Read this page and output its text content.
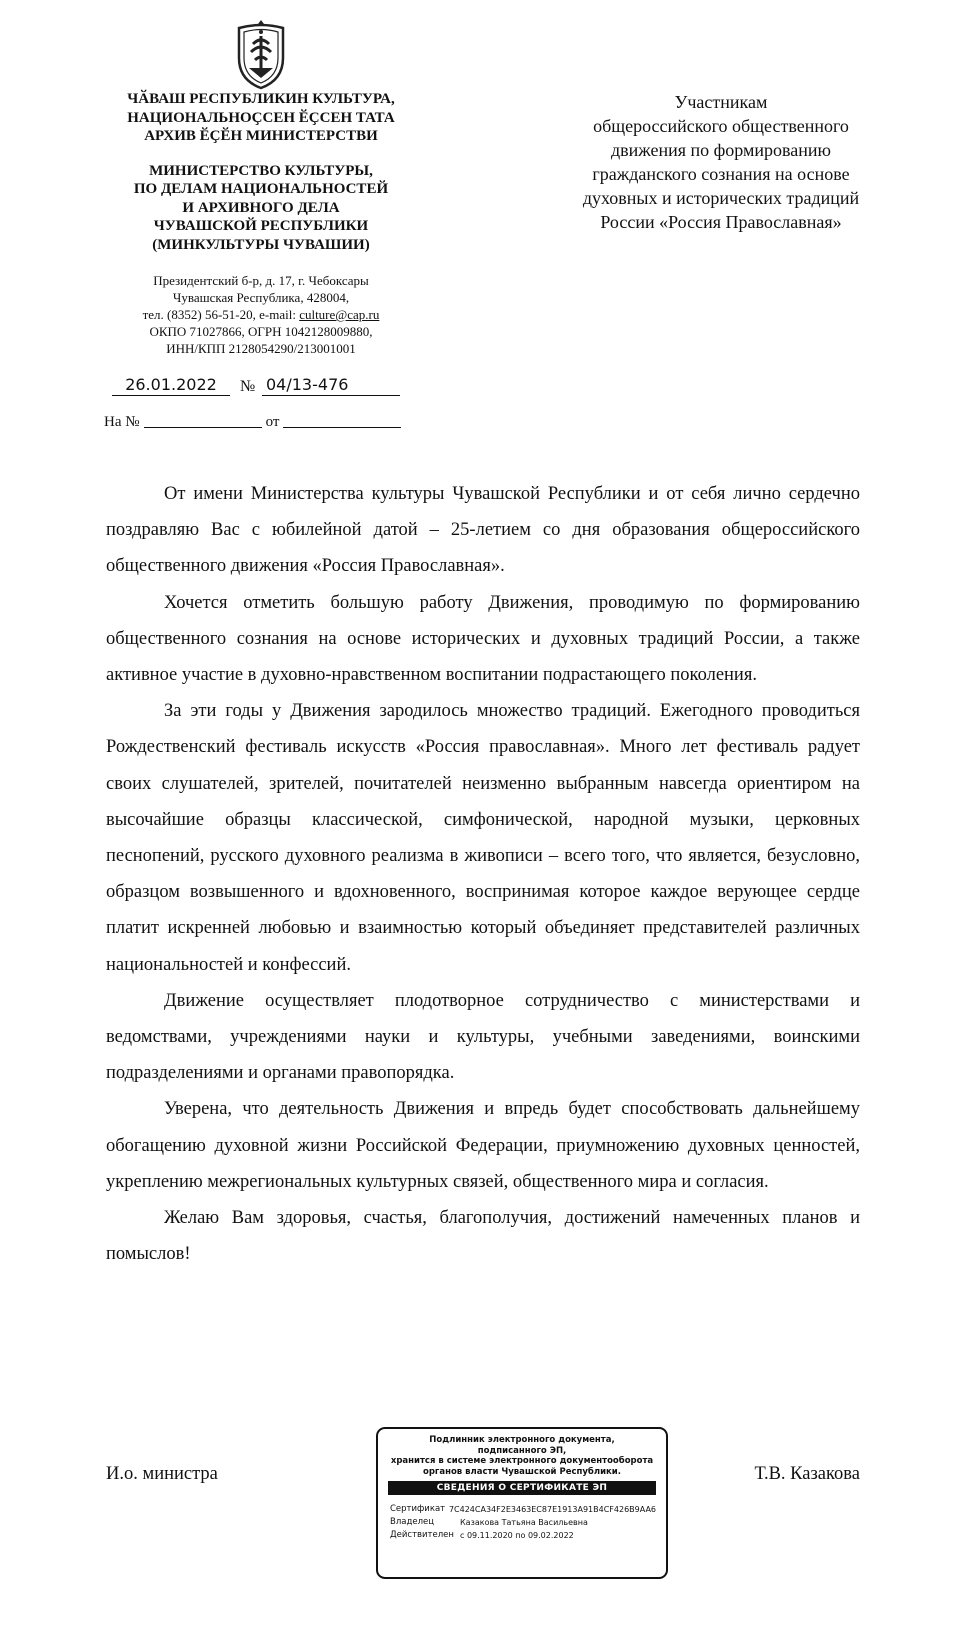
ЧӐВАШ РЕСПУБЛИКИН КУЛЬТУРА,
НАЦИОНАЛЬНОҪСЕН ӖҪСЕН ТАТА
АРХИВ ӖҪӖН МИНИСТЕРСТВИ
МИНИСТЕРСТВО КУЛЬТУРЫ,
ПО ДЕЛАМ НАЦИОНАЛЬНОСТЕЙ
И АРХИВНОГО ДЕЛА
ЧУВАШСКОЙ РЕСПУБЛИКИ
(МИНКУЛЬТУРЫ ЧУВАШИИ)
Президентский б-р, д. 17, г. Чебоксары
Чувашская Республика, 428004,
тел. (8352) 56-51-20, e-mail: culture@cap.ru
ОКПО 71027866, ОГРН 1042128009880,
ИНН/КПП 2128054290/213001001
26.01.2022	№ 04/13-476
На №	от
Участникам
общероссийского общественного
движения по формированию
гражданского сознания на основе
духовных и исторических традиций
России «Россия Православная»

От имени Министерства культуры Чувашской Республики и от себя лично сердечно поздравляю Вас с юбилейной датой – 25-летием со дня образования общероссийского общественного движения «Россия Православная».

Хочется отметить большую работу Движения, проводимую по формированию общественного сознания на основе исторических и духовных традиций России, а также активное участие в духовно-нравственном воспитании подрастающего поколения.

За эти годы у Движения зародилось множество традиций. Ежегодного проводиться Рождественский фестиваль искусств «Россия православная». Много лет фестиваль радует своих слушателей, зрителей, почитателей неизменно выбранным навсегда ориентиром на высочайшие образцы классической, симфонической, народной музыки, церковных песнопений, русского духовного реализма в живописи – всего того, что является, безусловно, образцом возвышенного и вдохновенного, воспринимая которое каждое верующее сердце платит искренней любовью и взаимностью который объединяет представителей различных национальностей и конфессий.

Движение осуществляет плодотворное сотрудничество с министерствами и ведомствами, учреждениями науки и культуры, учебными заведениями, воинскими подразделениями и органами правопорядка.

Уверена, что деятельность Движения и впредь будет способствовать дальнейшему обогащению духовной жизни Российской Федерации, приумножению духовных ценностей, укреплению межрегиональных культурных связей, общественного мира и согласия.

Желаю Вам здоровья, счастья, благополучия, достижений намеченных планов и помыслов!

И.о. министра	Т.В. Казакова
Подлинник электронного документа,
подписанного ЭП,
хранится в системе электронного документооборота
органов власти Чувашской Республики.
СВЕДЕНИЯ О СЕРТИФИКАТЕ ЭП
Сертификат 7C424CA34F2E3463EC87E1913A91B4CF426B9AA6
Владелец	Казакова Татьяна Васильевна
Действителен с 09.11.2020 по 09.02.2022
